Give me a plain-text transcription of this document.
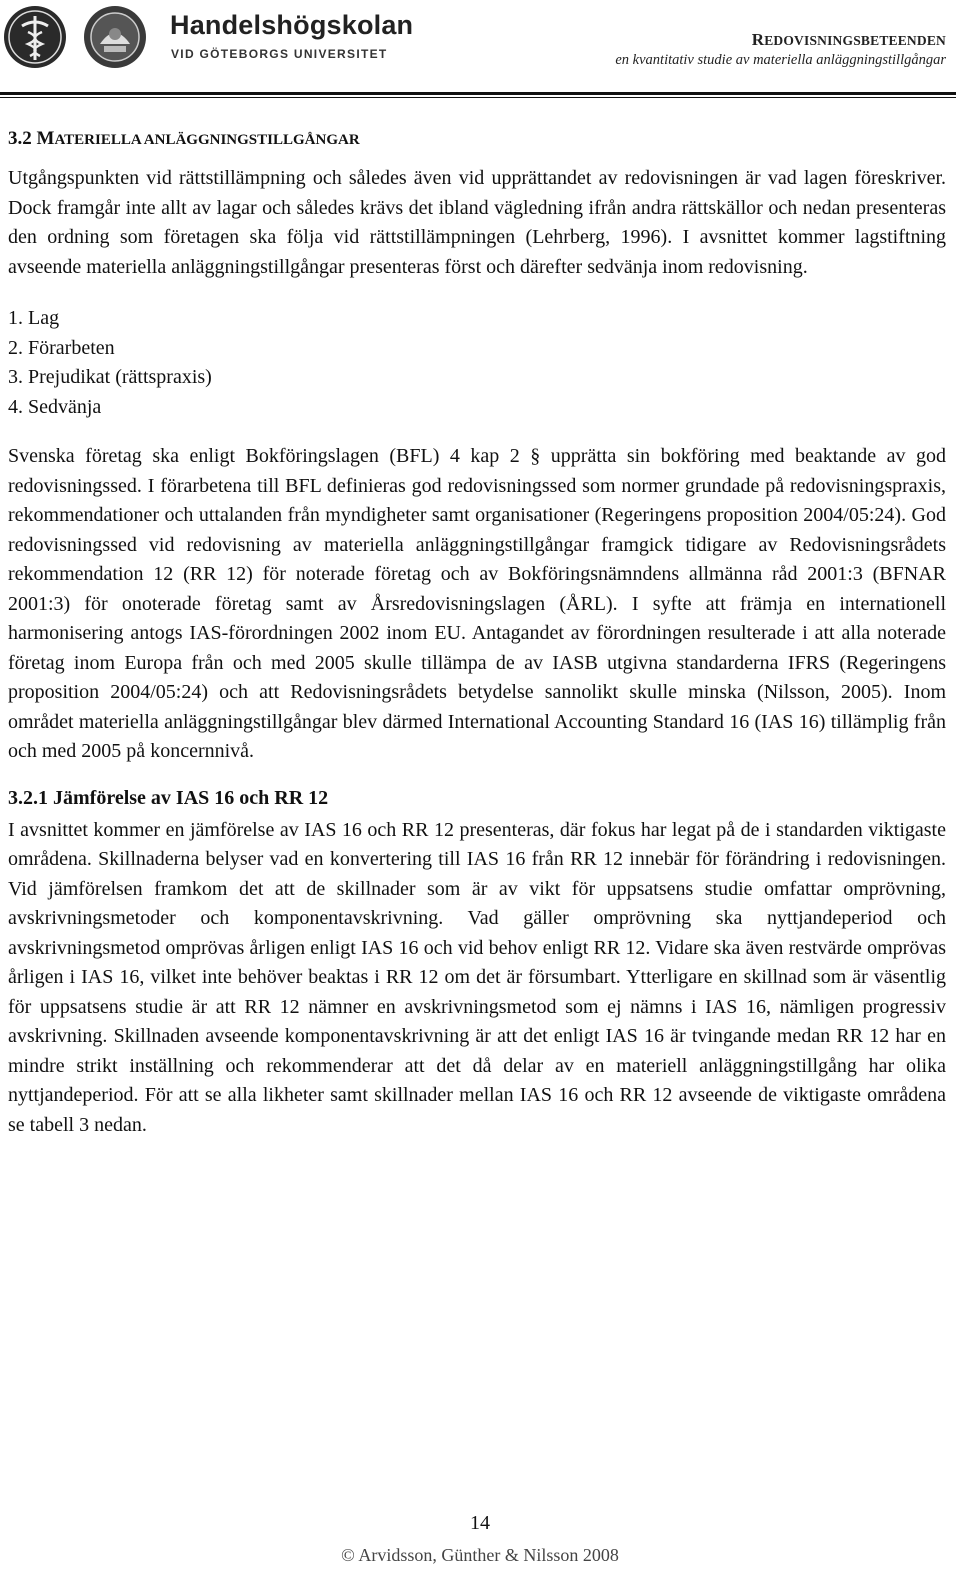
Handelshögskolan
VID GÖTEBORGS UNIVERSITET
REDOVISNINGSBETEENDEN
en kvantitativ studie av materiella anläggningstillgångar
3.2 MATERIELLA ANLÄGGNINGSTILLGÅNGAR

Utgångspunkten vid rättstillämpning och således även vid upprättandet av redovisningen är vad lagen föreskriver. Dock framgår inte allt av lagar och således krävs det ibland vägledning ifrån andra rättskällor och nedan presenteras den ordning som företagen ska följa vid rättstillämpningen (Lehrberg, 1996). I avsnittet kommer lagstiftning avseende materiella anläggningstillgångar presenteras först och därefter sedvänja inom redovisning.

1. Lag
2. Förarbeten
3. Prejudikat (rättspraxis)
4. Sedvänja

Svenska företag ska enligt Bokföringslagen (BFL) 4 kap 2 § upprätta sin bokföring med beaktande av god redovisningssed. I förarbetena till BFL definieras god redovisningssed som normer grundade på redovisningspraxis, rekommendationer och uttalanden från myndigheter samt organisationer (Regeringens proposition 2004/05:24). God redovisningssed vid redovisning av materiella anläggningstillgångar framgick tidigare av Redovisningsrådets rekommendation 12 (RR 12) för noterade företag och av Bokföringsnämndens allmänna råd 2001:3 (BFNAR 2001:3) för onoterade företag samt av Årsredovisningslagen (ÅRL). I syfte att främja en internationell harmonisering antogs IAS-förordningen 2002 inom EU. Antagandet av förordningen resulterade i att alla noterade företag inom Europa från och med 2005 skulle tillämpa de av IASB utgivna standarderna IFRS (Regeringens proposition 2004/05:24) och att Redovisningsrådets betydelse sannolikt skulle minska (Nilsson, 2005). Inom området materiella anläggningstillgångar blev därmed International Accounting Standard 16 (IAS 16) tillämplig från och med 2005 på koncernnivå.

3.2.1 Jämförelse av IAS 16 och RR 12

I avsnittet kommer en jämförelse av IAS 16 och RR 12 presenteras, där fokus har legat på de i standarden viktigaste områdena. Skillnaderna belyser vad en konvertering till IAS 16 från RR 12 innebär för förändring i redovisningen. Vid jämförelsen framkom det att de skillnader som är av vikt för uppsatsens studie omfattar omprövning, avskrivningsmetoder och komponentavskrivning. Vad gäller omprövning ska nyttjandeperiod och avskrivningsmetod omprövas årligen enligt IAS 16 och vid behov enligt RR 12. Vidare ska även restvärde omprövas årligen i IAS 16, vilket inte behöver beaktas i RR 12 om det är försumbart. Ytterligare en skillnad som är väsentlig för uppsatsens studie är att RR 12 nämner en avskrivningsmetod som ej nämns i IAS 16, nämligen progressiv avskrivning. Skillnaden avseende komponentavskrivning är att det enligt IAS 16 är tvingande medan RR 12 har en mindre strikt inställning och rekommenderar att det då delar av en materiell anläggningstillgång har olika nyttjandeperiod. För att se alla likheter samt skillnader mellan IAS 16 och RR 12 avseende de viktigaste områdena se tabell 3 nedan.

14
© Arvidsson, Günther & Nilsson 2008
